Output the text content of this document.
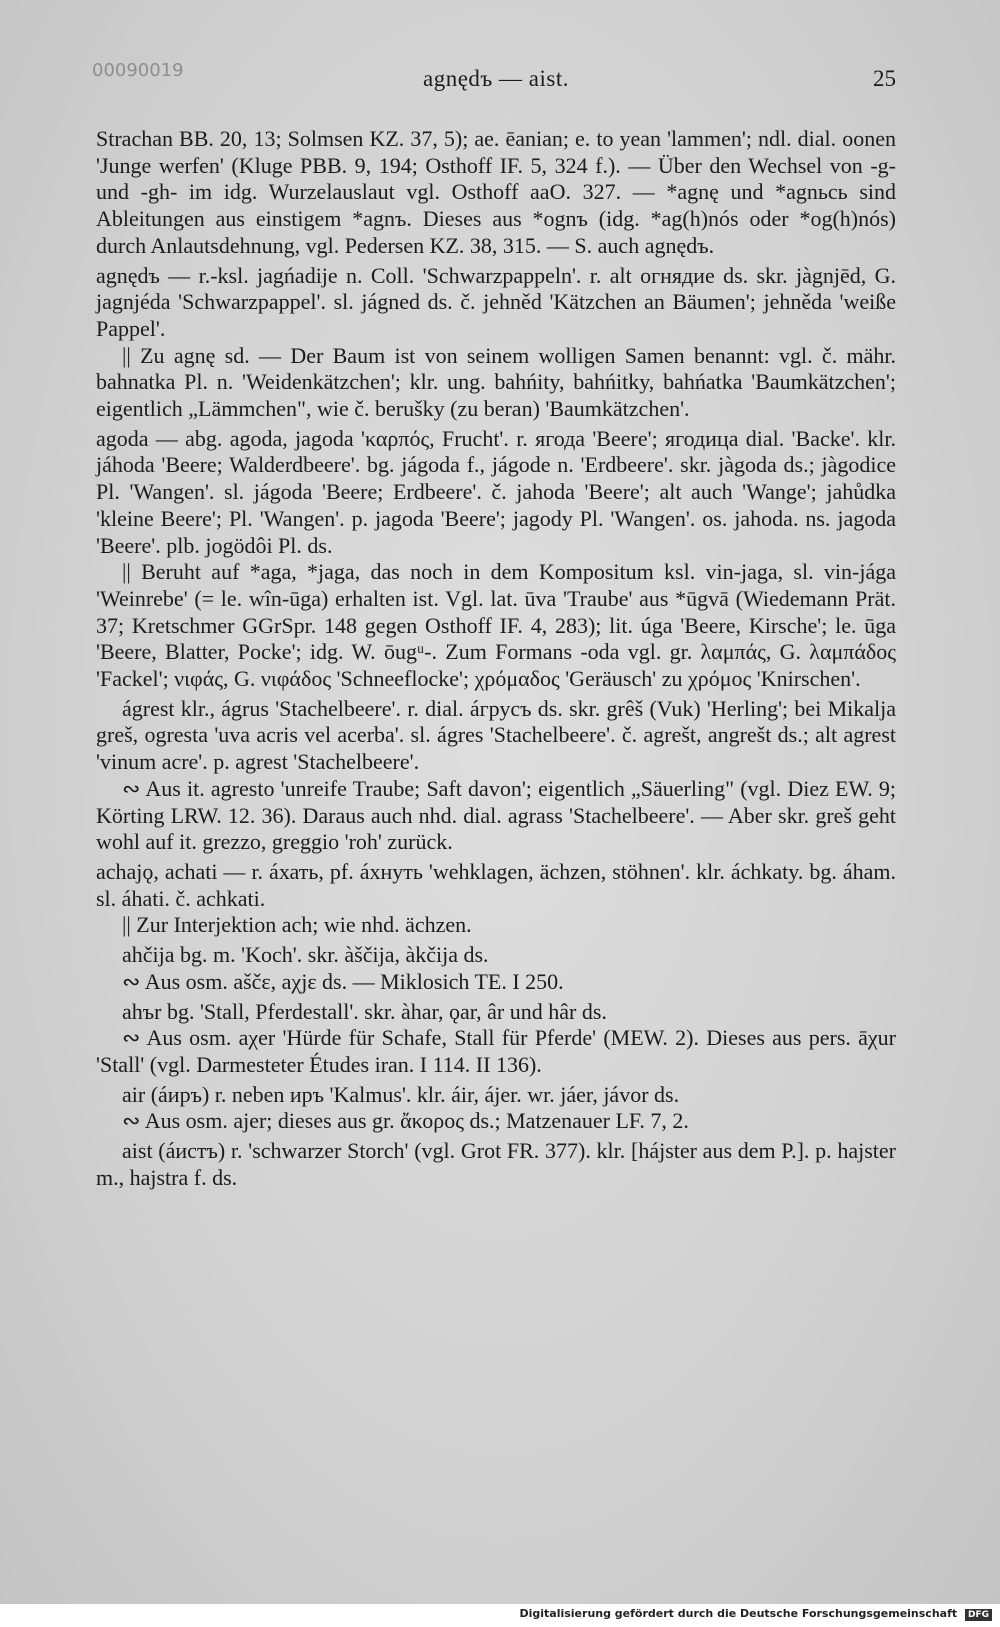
00090019	agnędъ — aist.	25

Strachan BB. 20, 13; Solmsen KZ. 37, 5); ae. ēanian; e. to yean 'lammen'; ndl. dial. oonen 'Junge werfen' (Kluge PBB. 9, 194; Osthoff IF. 5, 324 f.). — Über den Wechsel von -g- und -gh- im idg. Wurzelauslaut vgl. Osthoff aaO. 327. — *agnę und *agnьcь sind Ableitungen aus einstigem *agnъ. Dieses aus *ognъ (idg. *ag(h)nós oder *og(h)nós) durch Anlautsdehnung, vgl. Pedersen KZ. 38, 315. — S. auch agnędъ.

agnędъ — r.-ksl. jagńadije n. Coll. 'Schwarzpappeln'. r. alt огнядие ds. skr. jàgnjēd, G. jagnjéda 'Schwarzpappel'. sl. jágned ds. č. jehněd 'Kätzchen an Bäumen'; jehněda 'weiße Pappel'.

|| Zu agnę sd. — Der Baum ist von seinem wolligen Samen benannt: vgl. č. mähr. bahnatka Pl. n. 'Weidenkätzchen'; klr. ung. bahńity, bahńitky, bahńatka 'Baumkätzchen'; eigentlich „Lämmchen", wie č. berušky (zu beran) 'Baumkätzchen'.

agoda — abg. agoda, jagoda 'καρπός, Frucht'. r. ягода 'Beere'; ягодица dial. 'Backe'. klr. jáhoda 'Beere; Walderdbeere'. bg. jágoda f., jágode n. 'Erdbeere'. skr. jàgoda ds.; jàgodice Pl. 'Wangen'. sl. jágoda 'Beere; Erdbeere'. č. jahoda 'Beere'; alt auch 'Wange'; jahůdka 'kleine Beere'; Pl. 'Wangen'. p. jagoda 'Beere'; jagody Pl. 'Wangen'. os. jahoda. ns. jagoda 'Beere'. plb. jogödôi Pl. ds.

|| Beruht auf *aga, *jaga, das noch in dem Kompositum ksl. vin-jaga, sl. vin-jága 'Weinrebe' (= le. wîn-ūga) erhalten ist. Vgl. lat. ūva 'Traube' aus *ūgvā (Wiedemann Prät. 37; Kretschmer GGrSpr. 148 gegen Osthoff IF. 4, 283); lit. úga 'Beere, Kirsche'; le. ūga 'Beere, Blatter, Pocke'; idg. W. ōugᵘ-. Zum Formans -oda vgl. gr. λαμπάς, G. λαμπάδος 'Fackel'; νιφάς, G. νιφάδος 'Schneeflocke'; χρόμαδος 'Geräusch' zu χρόμος 'Knirschen'.

ágrest klr., ágrus 'Stachelbeere'. r. dial. áгрусъ ds. skr. grêš (Vuk) 'Herling'; bei Mikalja greš, ogresta 'uva acris vel acerba'. sl. ágres 'Stachelbeere'. č. agrešt, angrešt ds.; alt agrest 'vinum acre'. p. agrest 'Stachelbeere'.

∾ Aus it. agresto 'unreife Traube; Saft davon'; eigentlich „Säuerling" (vgl. Diez EW. 9; Körting LRW. 12. 36). Daraus auch nhd. dial. agrass 'Stachelbeere'. — Aber skr. greš geht wohl auf it. grezzo, greggio 'roh' zurück.

achajǫ, achati — r. áхать, pf. áхнуть 'wehklagen, ächzen, stöhnen'. klr. áchkaty. bg. áham. sl. áhati. č. achkati.

|| Zur Interjektion ach; wie nhd. ächzen.

ahčija bg. m. 'Koch'. skr. àščija, àkčija ds.

∾ Aus osm. aščɛ, aχjɛ ds. — Miklosich TE. I 250.

ahъr bg. 'Stall, Pferdestall'. skr. àhar, ǫar, âr und hâr ds.

∾ Aus osm. aχer 'Hürde für Schafe, Stall für Pferde' (MEW. 2). Dieses aus pers. āχur 'Stall' (vgl. Darmesteter Études iran. I 114. II 136).

air (áиръ) r. neben иръ 'Kalmus'. klr. áir, ájer. wr. jáer, jávor ds.

∾ Aus osm. ajer; dieses aus gr. ἄκορος ds.; Matzenauer LF. 7, 2.

aist (áистъ) r. 'schwarzer Storch' (vgl. Grot FR. 377). klr. [hájster aus dem P.]. p. hajster m., hajstra f. ds.

Digitalisierung gefördert durch die Deutsche Forschungsgemeinschaft DFG
